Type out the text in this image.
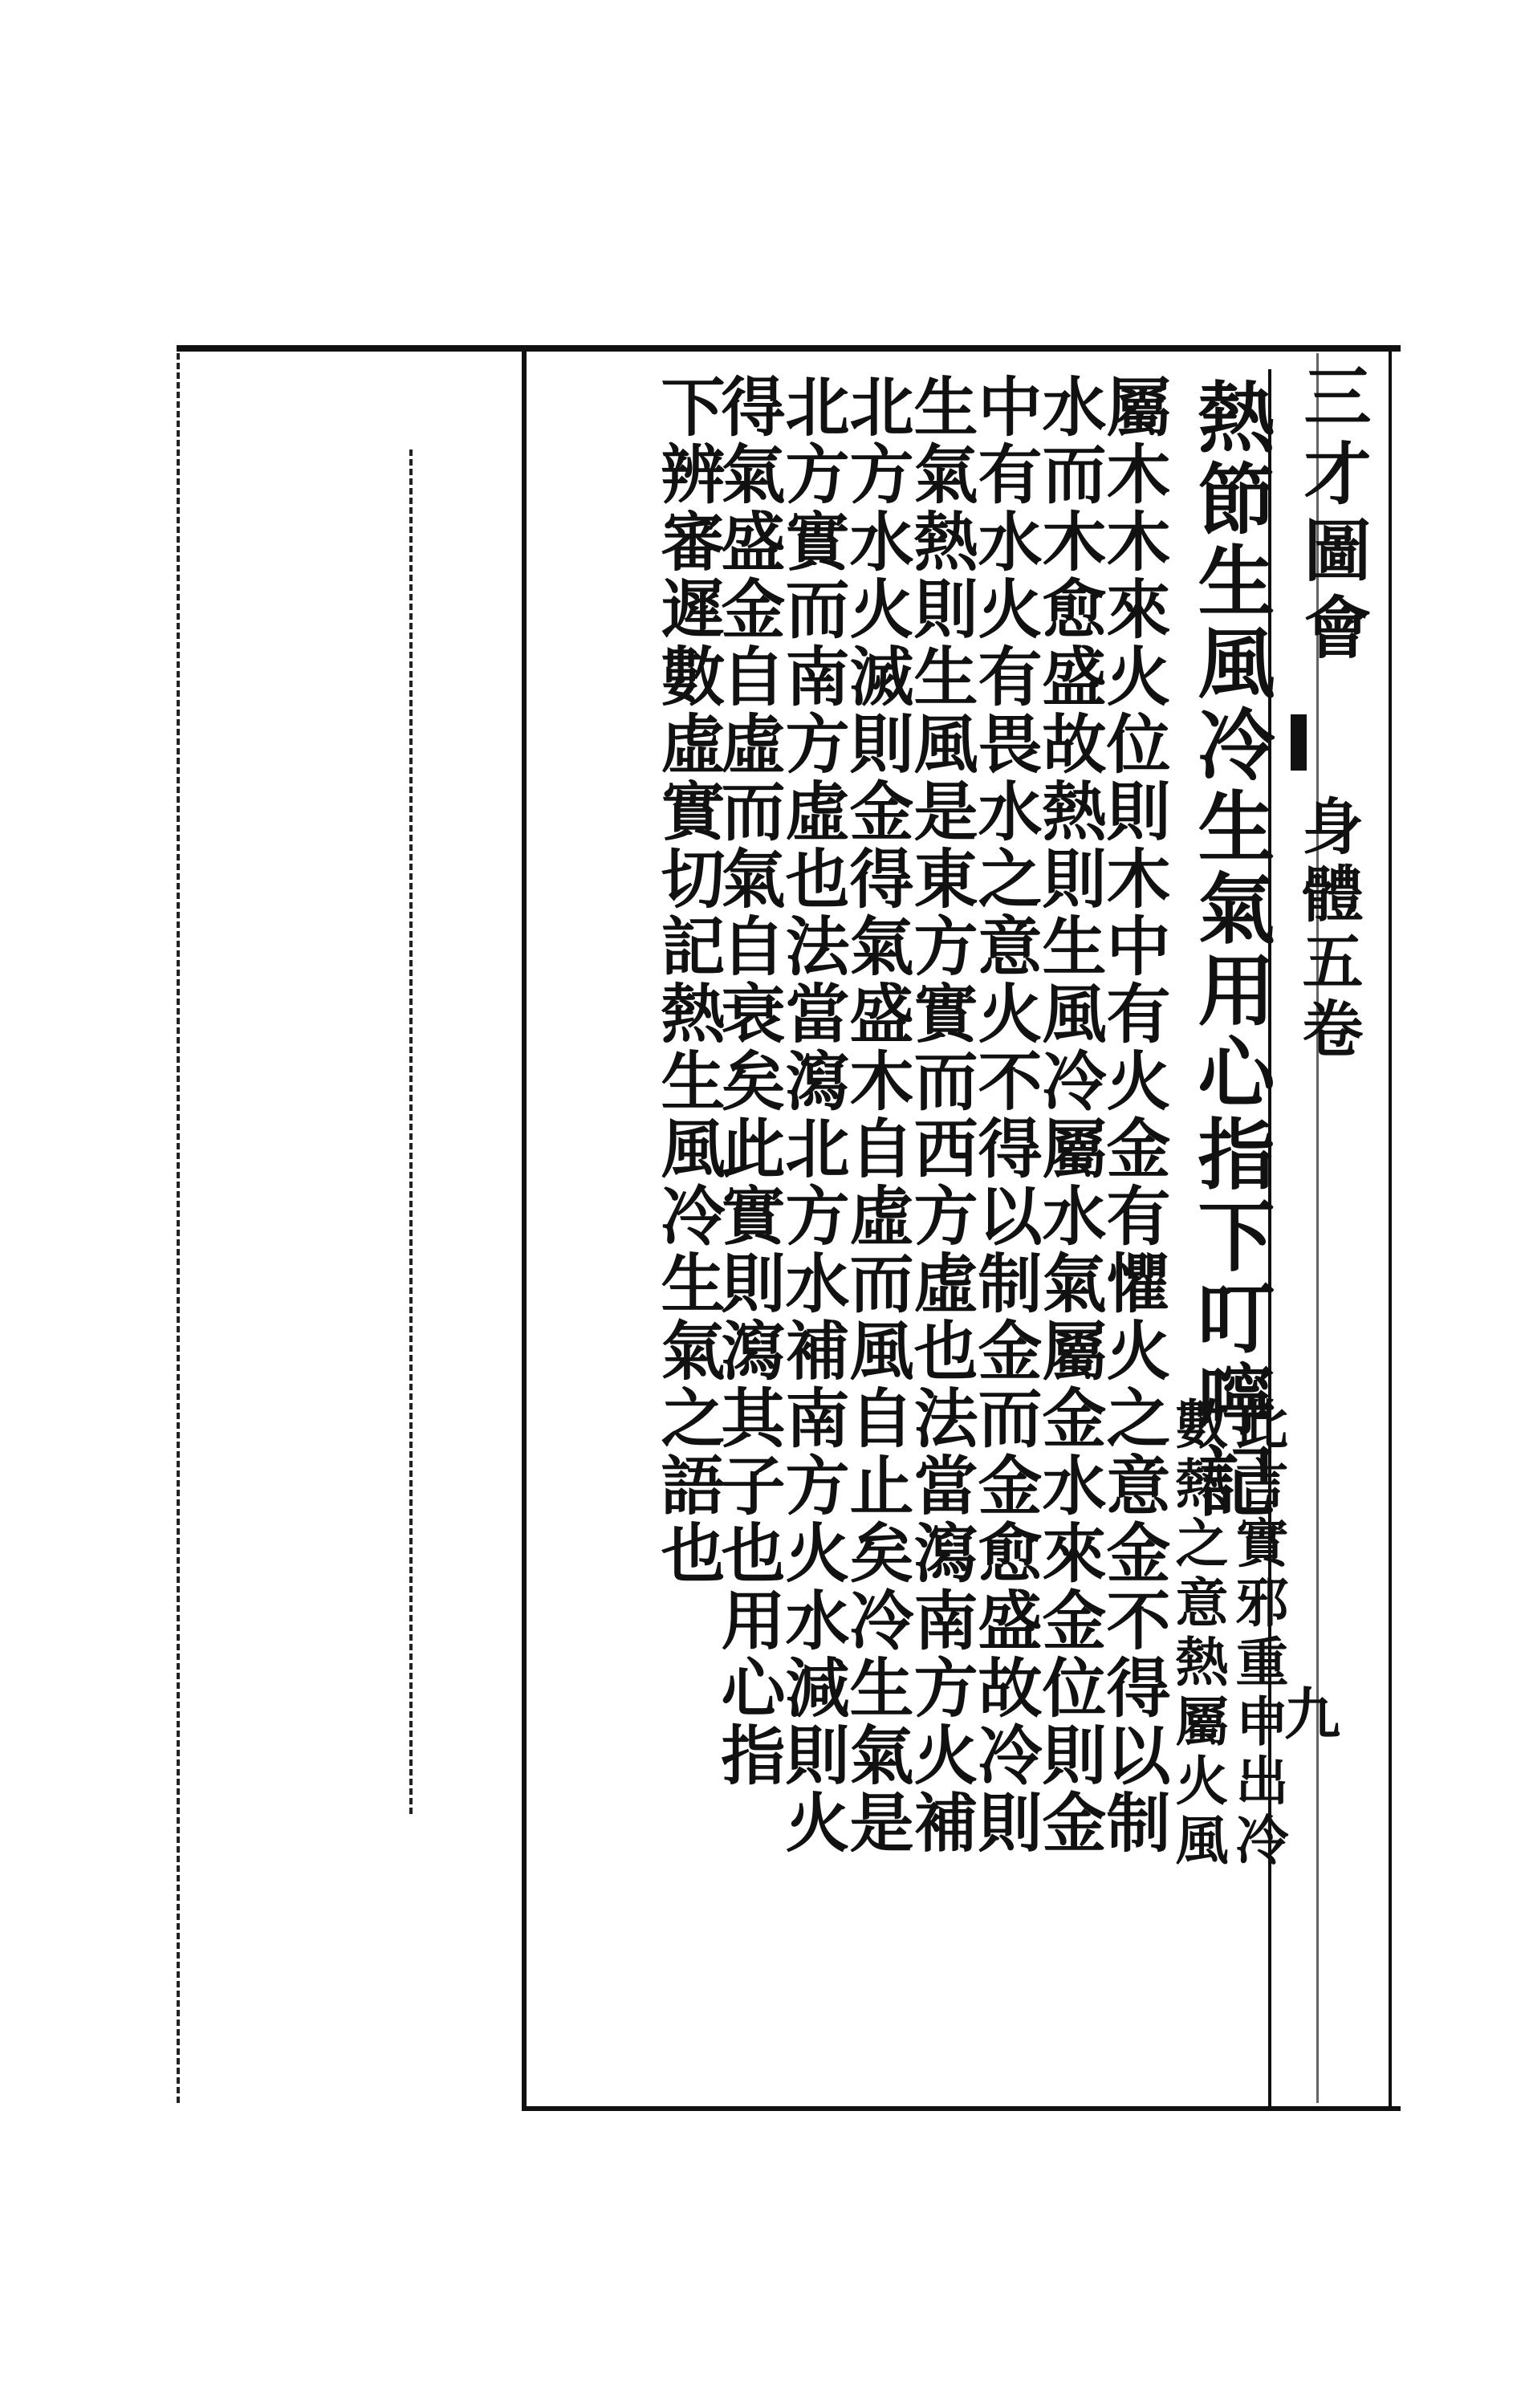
三才圖會
身體五卷
九
熱節生風冷生氣用心指下叮嚀記
此言實邪重申出冷
數熱之意熱屬火風
屬木木來火位則木中有火金有懼火之意金不得以制
水而木愈盛故熱則生風冷屬水氣屬金水來金位則金
中有水火有畏水之意火不得以制金而金愈盛故冷則
生氣熱則生風是東方實而西方虛也法當瀉南方火補
北方水火滅則金得氣盛木自虛而風自止矣冷生氣是
北方實而南方虛也法當瀉北方水補南方火水減則火
得氣盛金自虛而氣自衰矣此實則瀉其子也用心指
下辨審遲數虛實切記熱生風冷生氣之語也
